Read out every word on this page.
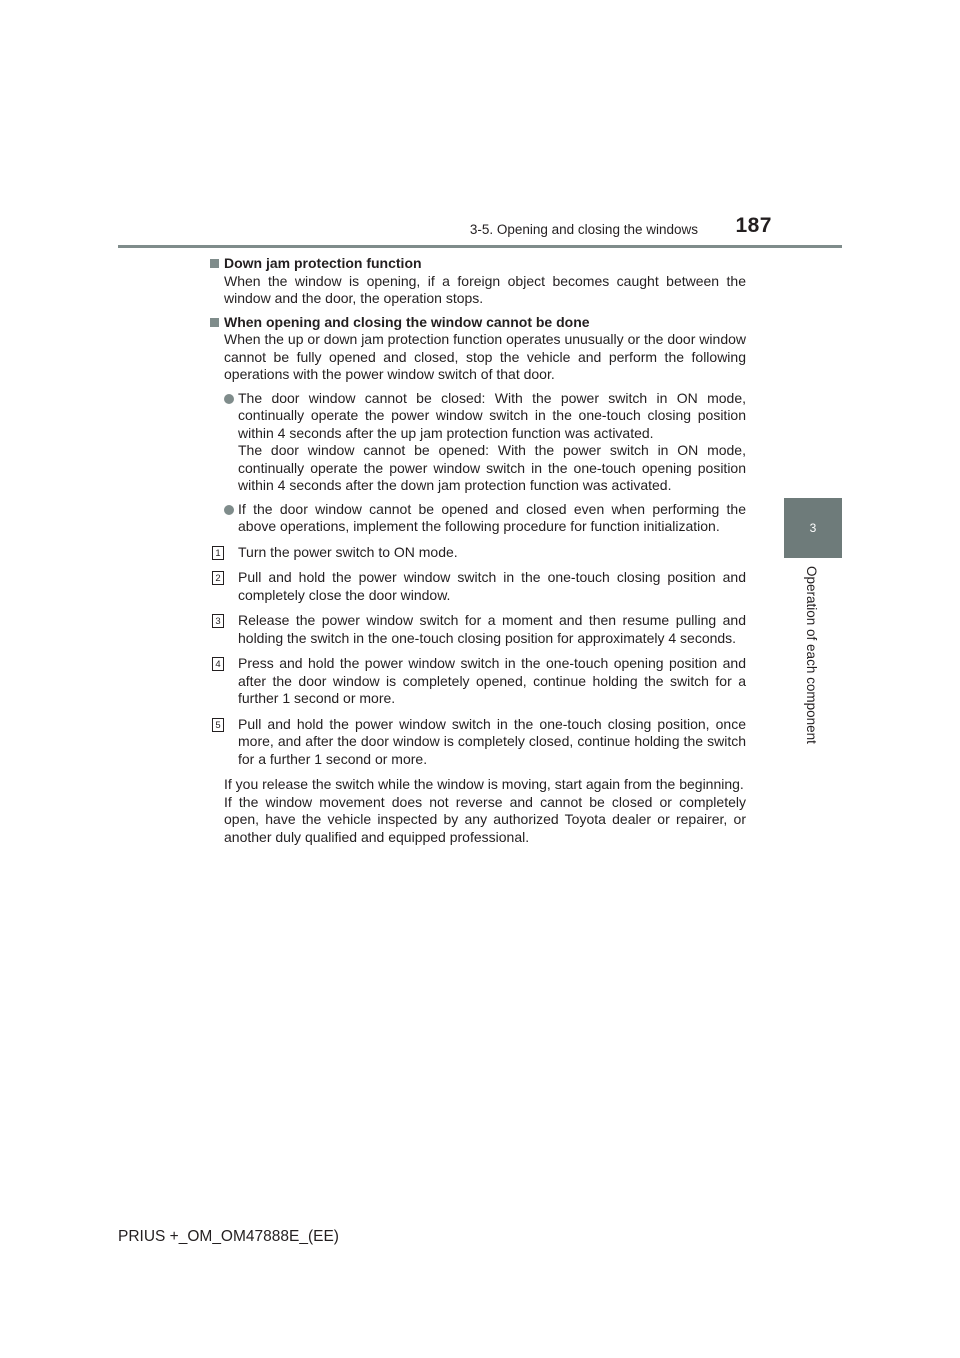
3-5. Opening and closing the windows 187
3
Operation of each component
Down jam protection function
When the window is opening, if a foreign object becomes caught between the window and the door, the operation stops.
When opening and closing the window cannot be done
When the up or down jam protection function operates unusually or the door window cannot be fully opened and closed, stop the vehicle and perform the following operations with the power window switch of that door.
The door window cannot be closed: With the power switch in ON mode, continually operate the power window switch in the one-touch closing position within 4 seconds after the up jam protection function was activated.
The door window cannot be opened: With the power switch in ON mode, continually operate the power window switch in the one-touch opening position within 4 seconds after the down jam protection function was activated.
If the door window cannot be opened and closed even when performing the above operations, implement the following procedure for function initialization.
1 Turn the power switch to ON mode.
2 Pull and hold the power window switch in the one-touch closing position and completely close the door window.
3 Release the power window switch for a moment and then resume pulling and holding the switch in the one-touch closing position for approximately 4 seconds.
4 Press and hold the power window switch in the one-touch opening position and after the door window is completely opened, continue holding the switch for a further 1 second or more.
5 Pull and hold the power window switch in the one-touch closing position, once more, and after the door window is completely closed, continue holding the switch for a further 1 second or more.
If you release the switch while the window is moving, start again from the beginning.
If the window movement does not reverse and cannot be closed or completely open, have the vehicle inspected by any authorized Toyota dealer or repairer, or another duly qualified and equipped professional.
PRIUS +_OM_OM47888E_(EE)
